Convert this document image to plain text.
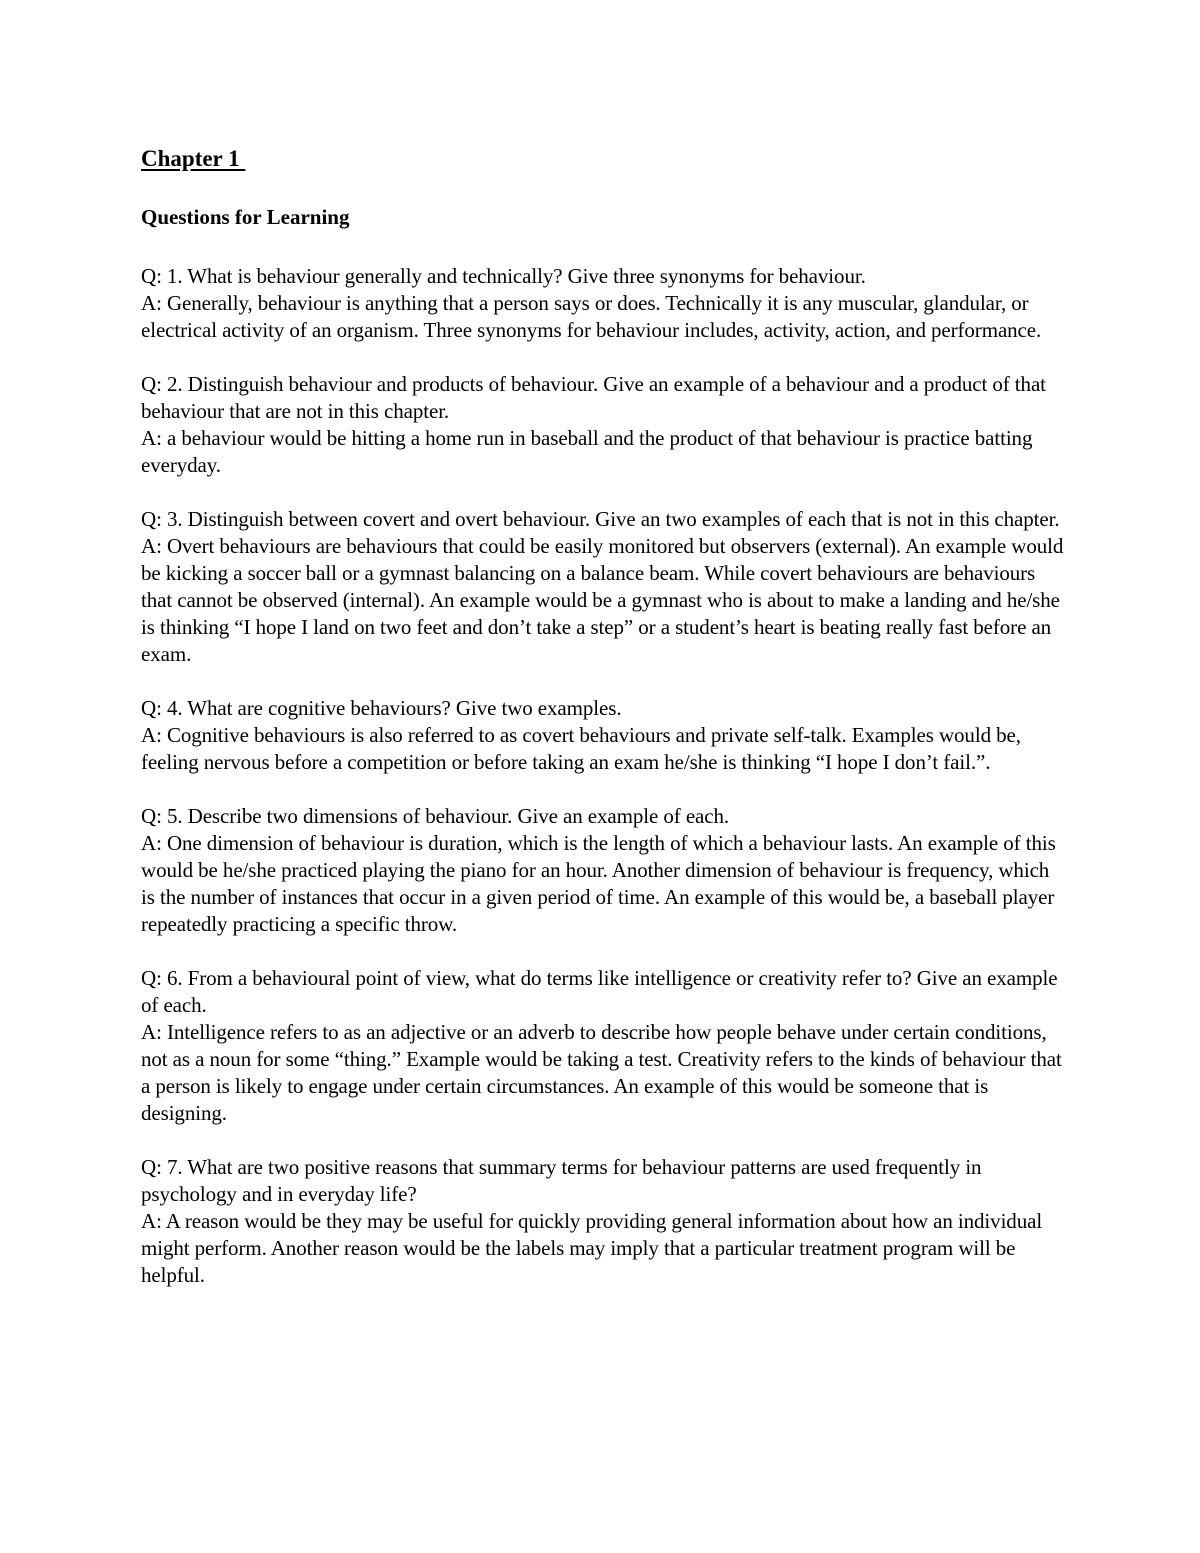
Chapter 1
Questions for Learning

Q: 1. What is behaviour generally and technically? Give three synonyms for behaviour.

A: Generally, behaviour is anything that a person says or does. Technically it is any muscular, glandular, or electrical activity of an organism. Three synonyms for behaviour includes, activity, action, and performance.

Q: 2. Distinguish behaviour and products of behaviour. Give an example of a behaviour and a product of that behaviour that are not in this chapter.

A: a behaviour would be hitting a home run in baseball and the product of that behaviour is practice batting everyday.

Q: 3. Distinguish between covert and overt behaviour. Give an two examples of each that is not in this chapter.

A: Overt behaviours are behaviours that could be easily monitored but observers (external). An example would be kicking a soccer ball or a gymnast balancing on a balance beam. While covert behaviours are behaviours that cannot be observed (internal). An example would be a gymnast who is about to make a landing and he/she is thinking “I hope I land on two feet and don’t take a step” or a student’s heart is beating really fast before an exam.

Q: 4. What are cognitive behaviours? Give two examples.

A: Cognitive behaviours is also referred to as covert behaviours and private self-talk. Examples would be, feeling nervous before a competition or before taking an exam he/she is thinking “I hope I don’t fail.”.

Q: 5. Describe two dimensions of behaviour. Give an example of each.

A: One dimension of behaviour is duration, which is the length of which a behaviour lasts. An example of this would be he/she practiced playing the piano for an hour. Another dimension of behaviour is frequency, which is the number of instances that occur in a given period of time. An example of this would be, a baseball player repeatedly practicing a specific throw.

Q: 6. From a behavioural point of view, what do terms like intelligence or creativity refer to? Give an example of each.

A: Intelligence refers to as an adjective or an adverb to describe how people behave under certain conditions, not as a noun for some “thing.” Example would be taking a test. Creativity refers to the kinds of behaviour that a person is likely to engage under certain circumstances. An example of this would be someone that is designing.

Q: 7. What are two positive reasons that summary terms for behaviour patterns are used frequently in psychology and in everyday life?

A: A reason would be they may be useful for quickly providing general information about how an individual might perform. Another reason would be the labels may imply that a particular treatment program will be helpful.
